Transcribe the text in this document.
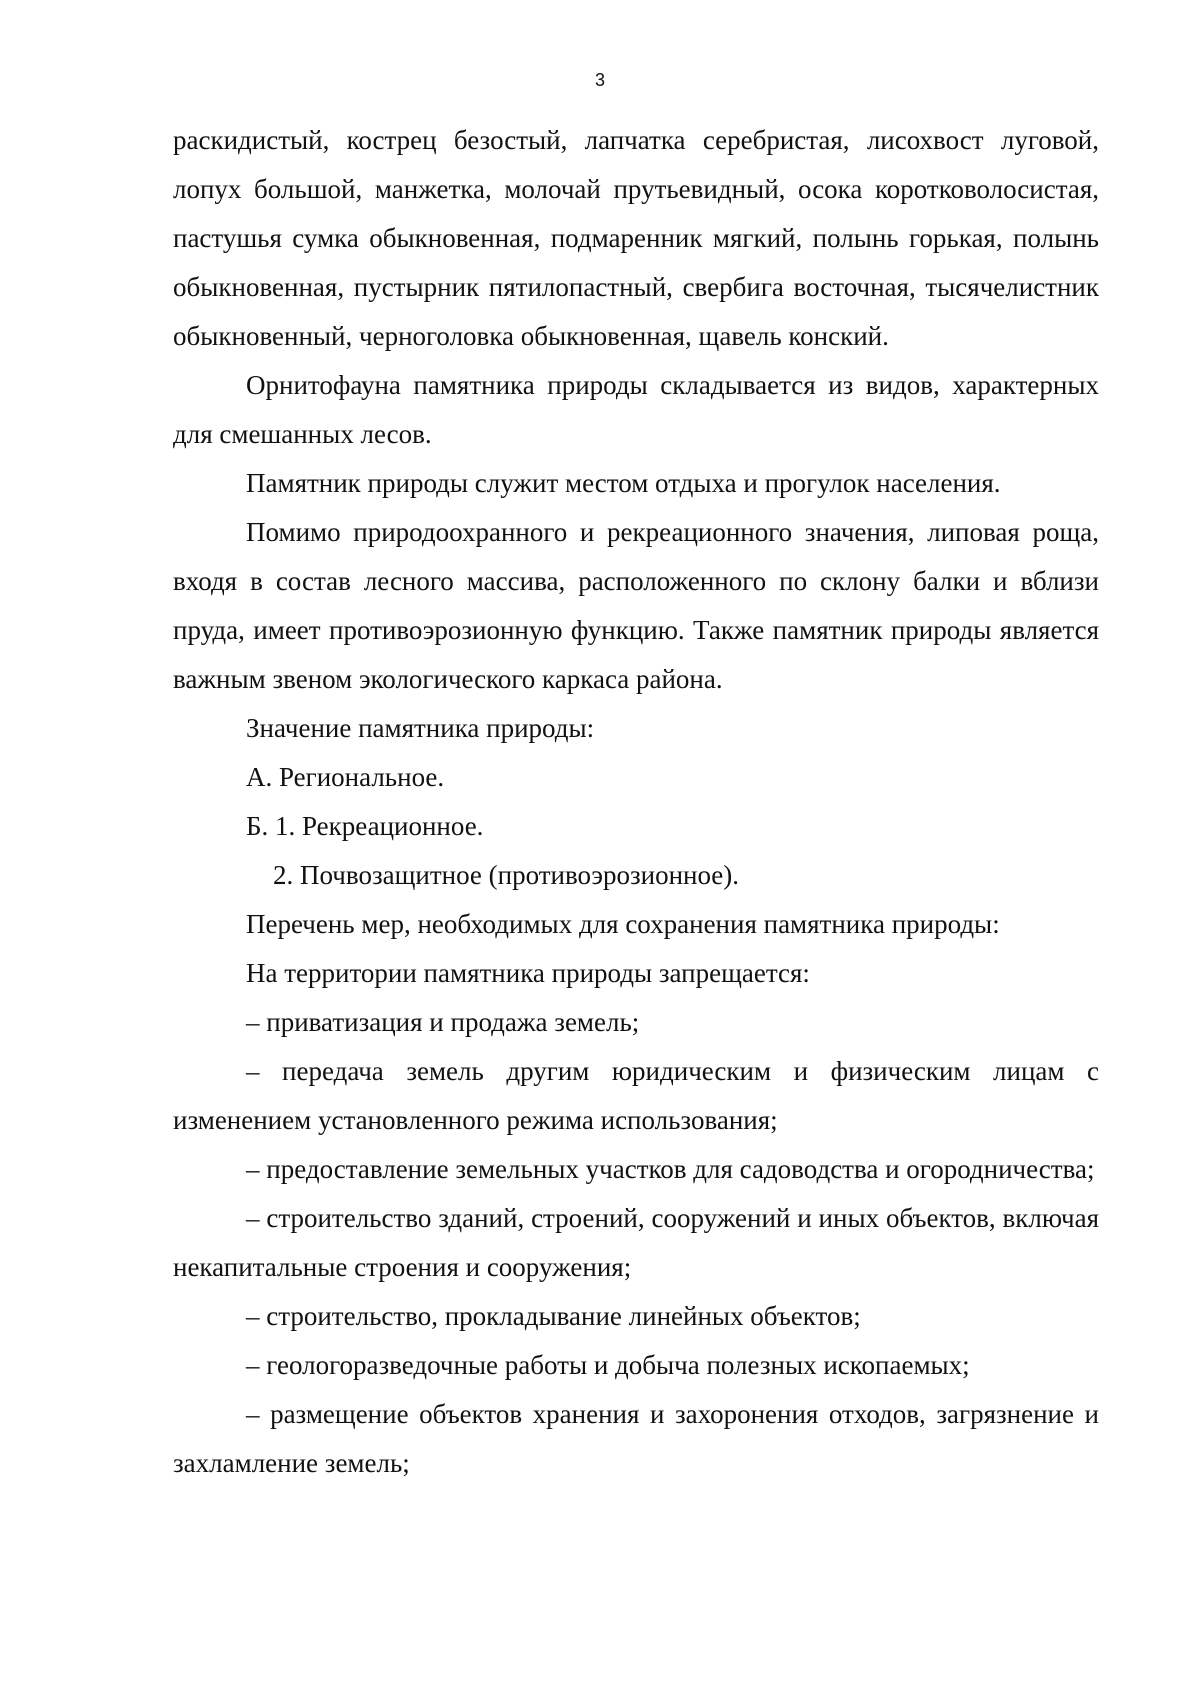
3

раскидистый, кострец безостый, лапчатка серебристая, лисохвост луговой, лопух большой, манжетка, молочай прутьевидный, осока коротковолосистая, пастушья сумка обыкновенная, подмаренник мягкий, полынь горькая, полынь обыкновенная, пустырник пятилопастный, свербига восточная, тысячелистник обыкновенный, черноголовка обыкновенная, щавель конский.

Орнитофауна памятника природы складывается из видов, характерных для смешанных лесов.

Памятник природы служит местом отдыха и прогулок населения.

Помимо природоохранного и рекреационного значения, липовая роща, входя в состав лесного массива, расположенного по склону балки и вблизи пруда, имеет противоэрозионную функцию. Также памятник природы является важным звеном экологического каркаса района.

Значение памятника природы:

А. Региональное.

Б. 1. Рекреационное.

2. Почвозащитное (противоэрозионное).

Перечень мер, необходимых для сохранения памятника природы:

На территории памятника природы запрещается:

– приватизация и продажа земель;

– передача земель другим юридическим и физическим лицам с изменением установленного режима использования;

– предоставление земельных участков для садоводства и огородничества;

– строительство зданий, строений, сооружений и иных объектов, включая некапитальные строения и сооружения;

– строительство, прокладывание линейных объектов;

– геологоразведочные работы и добыча полезных ископаемых;

– размещение объектов хранения и захоронения отходов, загрязнение и захламление земель;
